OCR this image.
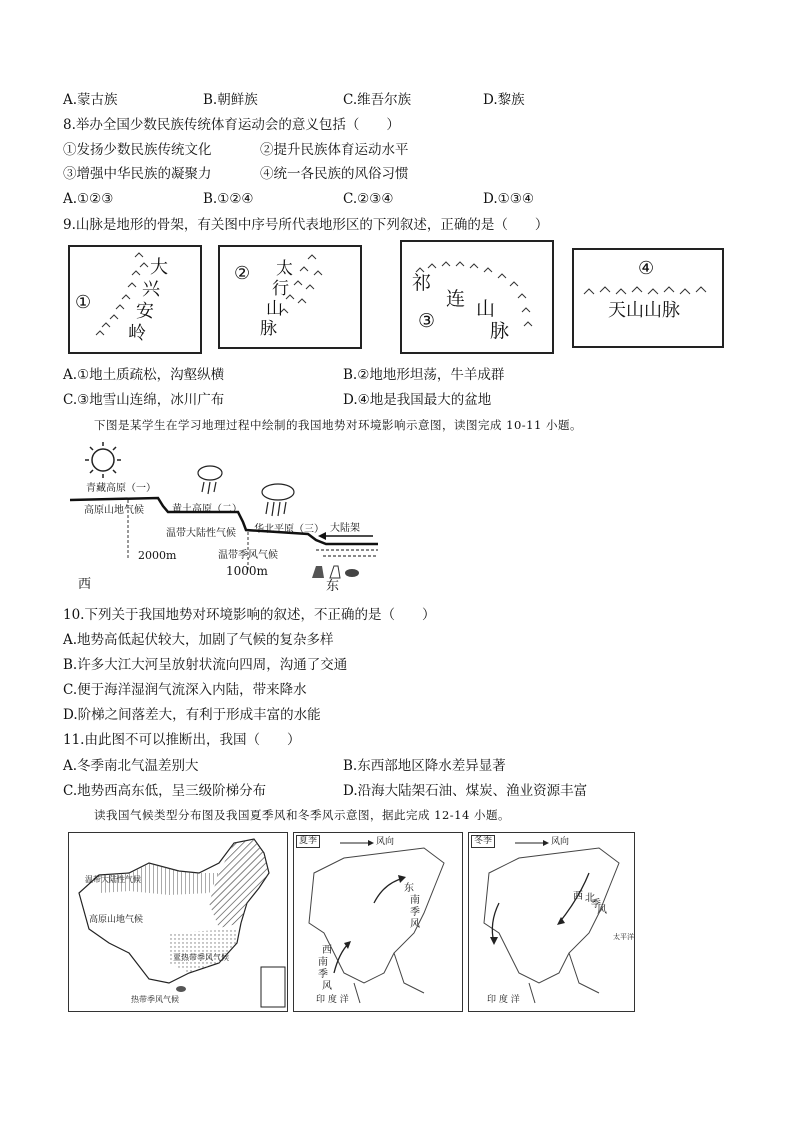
A.蒙古族	B.朝鲜族	C.维吾尔族	D.黎族
8.举办全国少数民族传统体育运动会的意义包括（　　）
①发扬少数民族传统文化	②提升民族体育运动水平
③增强中华民族的凝聚力	④统一各民族的风俗习惯
A.①②③	B.①②④	C.②③④	D.①③④
9.山脉是地形的骨架，有关图中序号所代表地形区的下列叙述，正确的是（　　）
①
大
兴
安
岭
② 太
行
山
脉
祁
连 山
脉
③
④
天山山脉
A.①地土质疏松，沟壑纵横	B.②地地形坦荡，牛羊成群
C.③地雪山连绵，冰川广布	D.④地是我国最大的盆地
下图是某学生在学习地理过程中绘制的我国地势对环境影响示意图，读图完成 10-11 小题。
青藏高原（一）
高原山地气候	黄土高原（二）
温带大陆性气候 华北平原（三） 大陆架
温带季风气候
2000m
1000m
西	东
10.下列关于我国地势对环境影响的叙述，不正确的是（　　）
A.地势高低起伏较大，加剧了气候的复杂多样
B.许多大江大河呈放射状流向四周，沟通了交通
C.便于海洋湿润气流深入内陆，带来降水
D.阶梯之间落差大，有利于形成丰富的水能
11.由此图不可以推断出，我国（　　）
A.冬季南北气温差别大	B.东西部地区降水差异显著
C.地势西高东低，呈三级阶梯分布	D.沿海大陆架石油、煤炭、渔业资源丰富
读我国气候类型分布图及我国夏季风和冬季风示意图，据此完成 12-14 小题。
温带大陆性气候
高原山地气候
亚热带季风气候
热带季风气候
夏季	风向
东
南
季
风
西
南
季
风
印 度 洋
冬季	风向
西 北
季
风
太平洋
印 度 洋
